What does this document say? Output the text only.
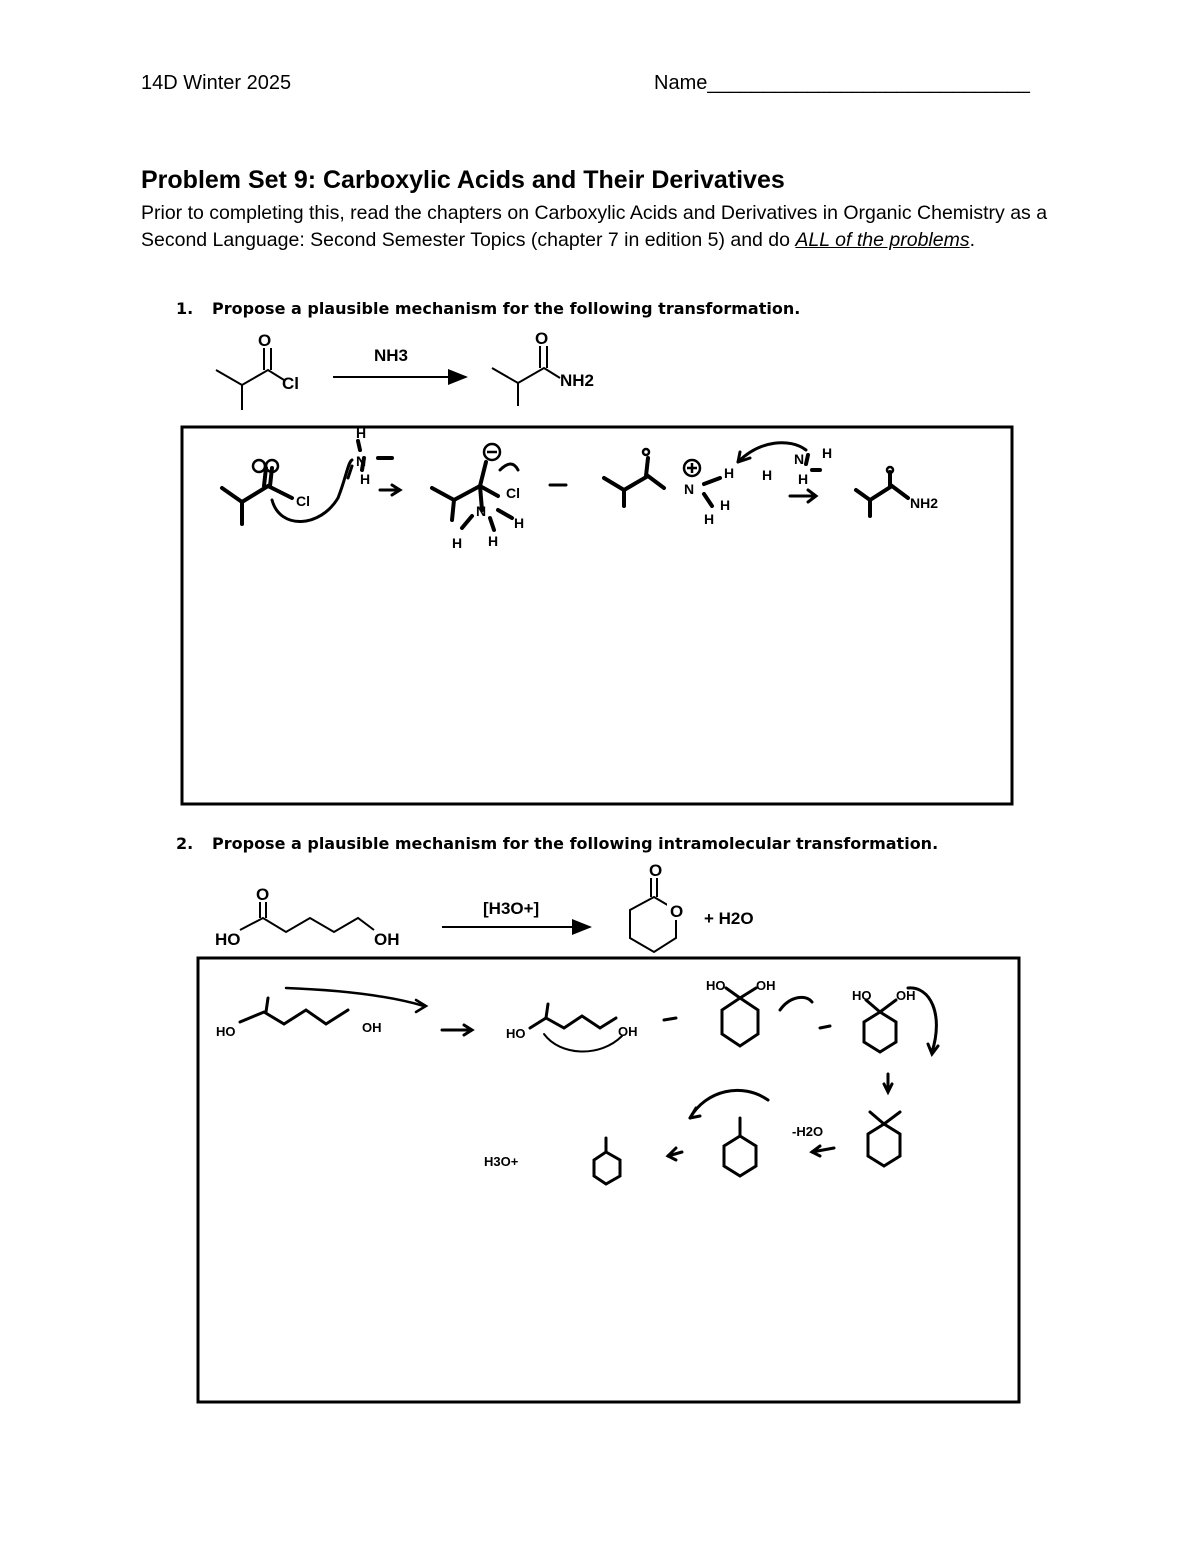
14D Winter 2025	Name_____________________________
Problem Set 9: Carboxylic Acids and Their Derivatives
Prior to completing this, read the chapters on Carboxylic Acids and Derivatives in Organic Chemistry as a Second Language: Second Semester Topics (chapter 7 in edition 5) and do ALL of the problems.
1. Propose a plausible mechanism for the following transformation.
2. Propose a plausible mechanism for the following intramolecular transformation.
O
Cl
NH3
O
NH2
Cl
N
H
H
Cl
N
H H
H
N
H
H
H
H
N
H
H
NH2
O
HO	OH
[H3O+]
O
O + H2O
HO	OH	HO	OH
HO OH
HO OH
-H2O
H3O+
